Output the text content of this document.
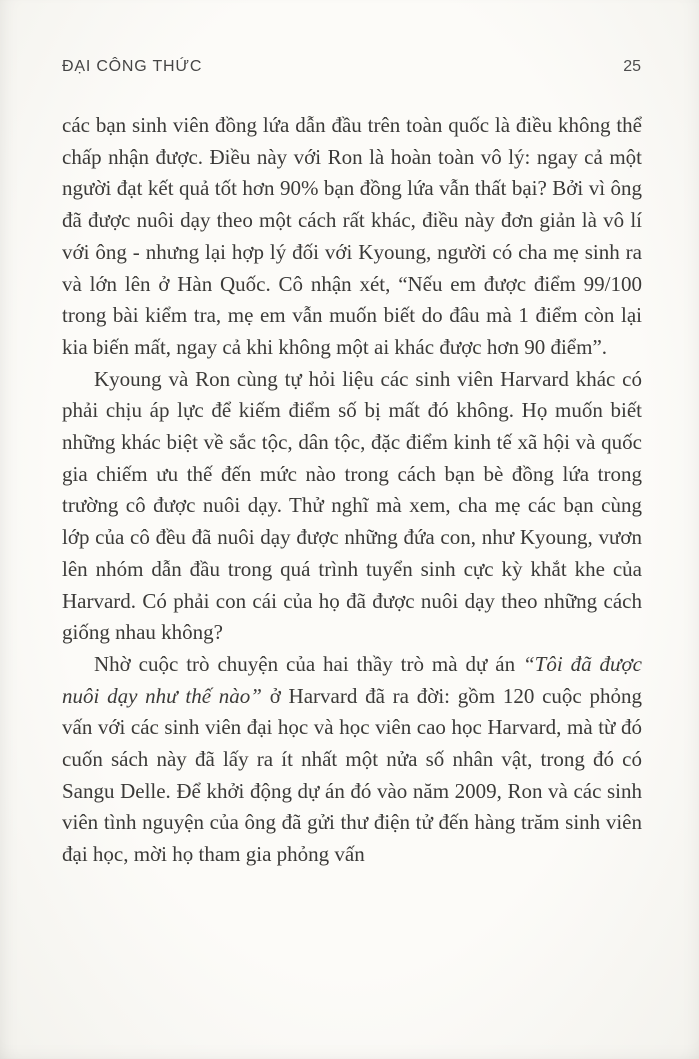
ĐẠI CÔNG THỨC	25

các bạn sinh viên đồng lứa dẫn đầu trên toàn quốc là điều không thể chấp nhận được. Điều này với Ron là hoàn toàn vô lý: ngay cả một người đạt kết quả tốt hơn 90% bạn đồng lứa vẫn thất bại? Bởi vì ông đã được nuôi dạy theo một cách rất khác, điều này đơn giản là vô lí với ông - nhưng lại hợp lý đối với Kyoung, người có cha mẹ sinh ra và lớn lên ở Hàn Quốc. Cô nhận xét, “Nếu em được điểm 99/100 trong bài kiểm tra, mẹ em vẫn muốn biết do đâu mà 1 điểm còn lại kia biến mất, ngay cả khi không một ai khác được hơn 90 điểm”.

Kyoung và Ron cùng tự hỏi liệu các sinh viên Harvard khác có phải chịu áp lực để kiếm điểm số bị mất đó không. Họ muốn biết những khác biệt về sắc tộc, dân tộc, đặc điểm kinh tế xã hội và quốc gia chiếm ưu thế đến mức nào trong cách bạn bè đồng lứa trong trường cô được nuôi dạy. Thử nghĩ mà xem, cha mẹ các bạn cùng lớp của cô đều đã nuôi dạy được những đứa con, như Kyoung, vươn lên nhóm dẫn đầu trong quá trình tuyển sinh cực kỳ khắt khe của Harvard. Có phải con cái của họ đã được nuôi dạy theo những cách giống nhau không?

Nhờ cuộc trò chuyện của hai thầy trò mà dự án “Tôi đã được nuôi dạy như thế nào” ở Harvard đã ra đời: gồm 120 cuộc phỏng vấn với các sinh viên đại học và học viên cao học Harvard, mà từ đó cuốn sách này đã lấy ra ít nhất một nửa số nhân vật, trong đó có Sangu Delle. Để khởi động dự án đó vào năm 2009, Ron và các sinh viên tình nguyện của ông đã gửi thư điện tử đến hàng trăm sinh viên đại học, mời họ tham gia phỏng vấn
